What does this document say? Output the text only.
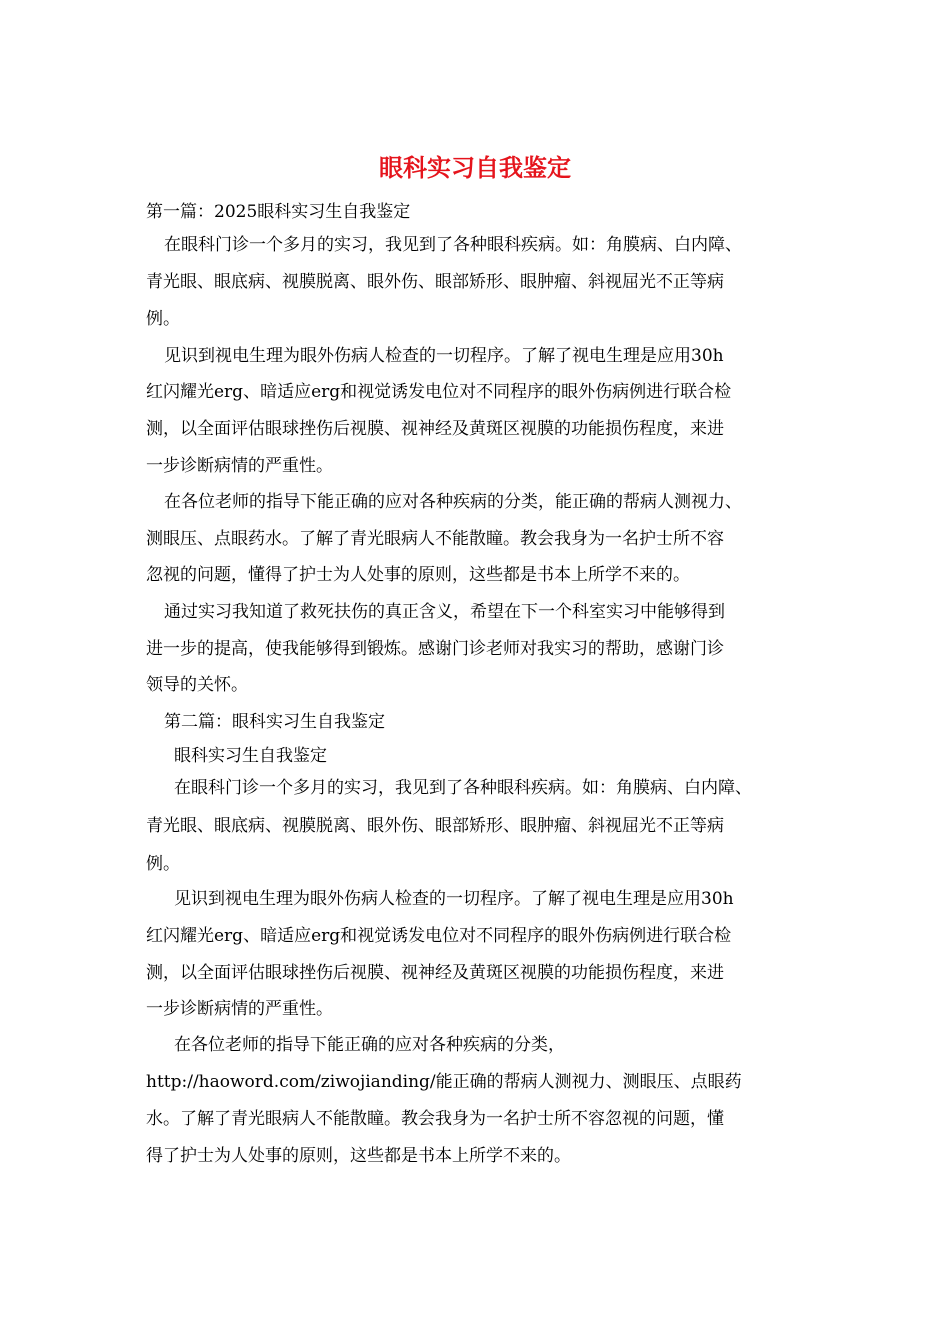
眼科实习自我鉴定
第一篇：2025眼科实习生自我鉴定
在眼科门诊一个多月的实习，我见到了各种眼科疾病。如：角膜病、白内障、
青光眼、眼底病、视膜脱离、眼外伤、眼部矫形、眼肿瘤、斜视屈光不正等病
例。
见识到视电生理为眼外伤病人检查的一切程序。了解了视电生理是应用30h
红闪耀光erg、暗适应erg和视觉诱发电位对不同程序的眼外伤病例进行联合检
测，以全面评估眼球挫伤后视膜、视神经及黄斑区视膜的功能损伤程度，来进
一步诊断病情的严重性。
在各位老师的指导下能正确的应对各种疾病的分类，能正确的帮病人测视力、
测眼压、点眼药水。了解了青光眼病人不能散瞳。教会我身为一名护士所不容
忽视的问题，懂得了护士为人处事的原则，这些都是书本上所学不来的。
通过实习我知道了救死扶伤的真正含义，希望在下一个科室实习中能够得到
进一步的提高，使我能够得到锻炼。感谢门诊老师对我实习的帮助，感谢门诊
领导的关怀。
第二篇：眼科实习生自我鉴定
眼科实习生自我鉴定
在眼科门诊一个多月的实习，我见到了各种眼科疾病。如：角膜病、白内障、
青光眼、眼底病、视膜脱离、眼外伤、眼部矫形、眼肿瘤、斜视屈光不正等病
例。
见识到视电生理为眼外伤病人检查的一切程序。了解了视电生理是应用30h
红闪耀光erg、暗适应erg和视觉诱发电位对不同程序的眼外伤病例进行联合检
测，以全面评估眼球挫伤后视膜、视神经及黄斑区视膜的功能损伤程度，来进
一步诊断病情的严重性。
在各位老师的指导下能正确的应对各种疾病的分类，
http://haoword.com/ziwojianding/能正确的帮病人测视力、测眼压、点眼药
水。了解了青光眼病人不能散瞳。教会我身为一名护士所不容忽视的问题，懂
得了护士为人处事的原则，这些都是书本上所学不来的。
